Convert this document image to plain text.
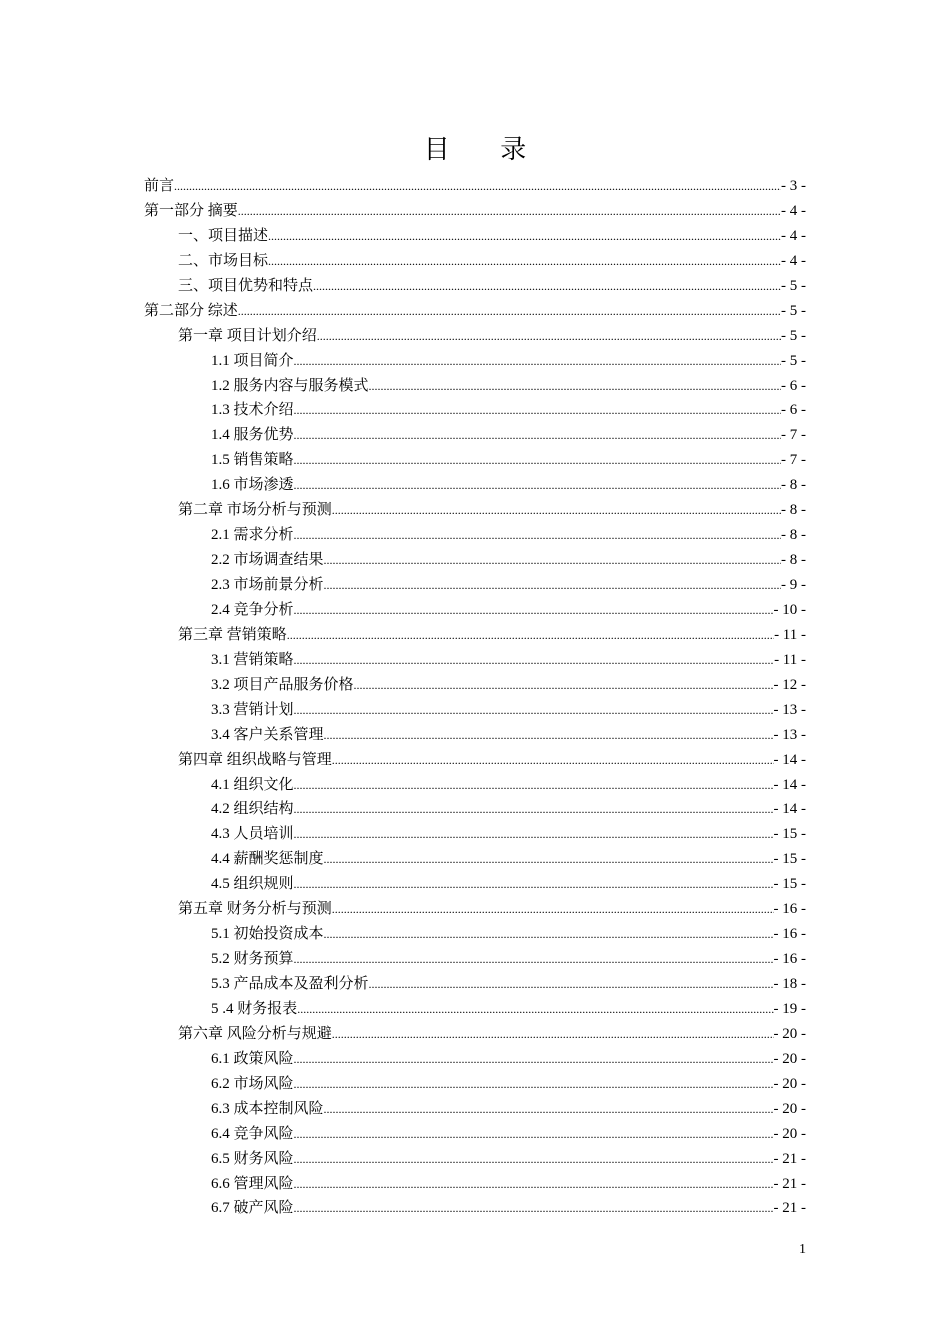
目 录
前言 .....	- 3 -
第一部分 摘要 .....	- 4 -
一、项目描述 .....	- 4 -
二、市场目标 .....	- 4 -
三、项目优势和特点 .....	- 5 -
第二部分 综述 .....	- 5 -
第一章 项目计划介绍 .....	- 5 -
1.1 项目简介 .....	- 5 -
1.2 服务内容与服务模式 .....	- 6 -
1.3 技术介绍 .....	- 6 -
1.4 服务优势 .....	- 7 -
1.5 销售策略 .....	- 7 -
1.6 市场渗透 .....	- 8 -
第二章 市场分析与预测 .....	- 8 -
2.1 需求分析 .....	- 8 -
2.2 市场调查结果 .....	- 8 -
2.3 市场前景分析 .....	- 9 -
2.4 竞争分析 .....	- 10 -
第三章 营销策略 .....	- 11 -
3.1 营销策略 .....	- 11 -
3.2 项目产品服务价格 .....	- 12 -
3.3 营销计划 .....	- 13 -
3.4 客户关系管理 .....	- 13 -
第四章 组织战略与管理 .....	- 14 -
4.1 组织文化 .....	- 14 -
4.2 组织结构 .....	- 14 -
4.3 人员培训 .....	- 15 -
4.4 薪酬奖惩制度 .....	- 15 -
4.5 组织规则 .....	- 15 -
第五章 财务分析与预测 .....	- 16 -
5.1 初始投资成本 .....	- 16 -
5.2 财务预算 .....	- 16 -
5.3 产品成本及盈利分析 .....	- 18 -
5 .4 财务报表 .....	- 19 -
第六章 风险分析与规避 .....	- 20 -
6.1 政策风险 .....	- 20 -
6.2 市场风险 .....	- 20 -
6.3 成本控制风险 .....	- 20 -
6.4 竞争风险 .....	- 20 -
6.5 财务风险 .....	- 21 -
6.6 管理风险 .....	- 21 -
6.7 破产风险 .....	- 21 -
1
